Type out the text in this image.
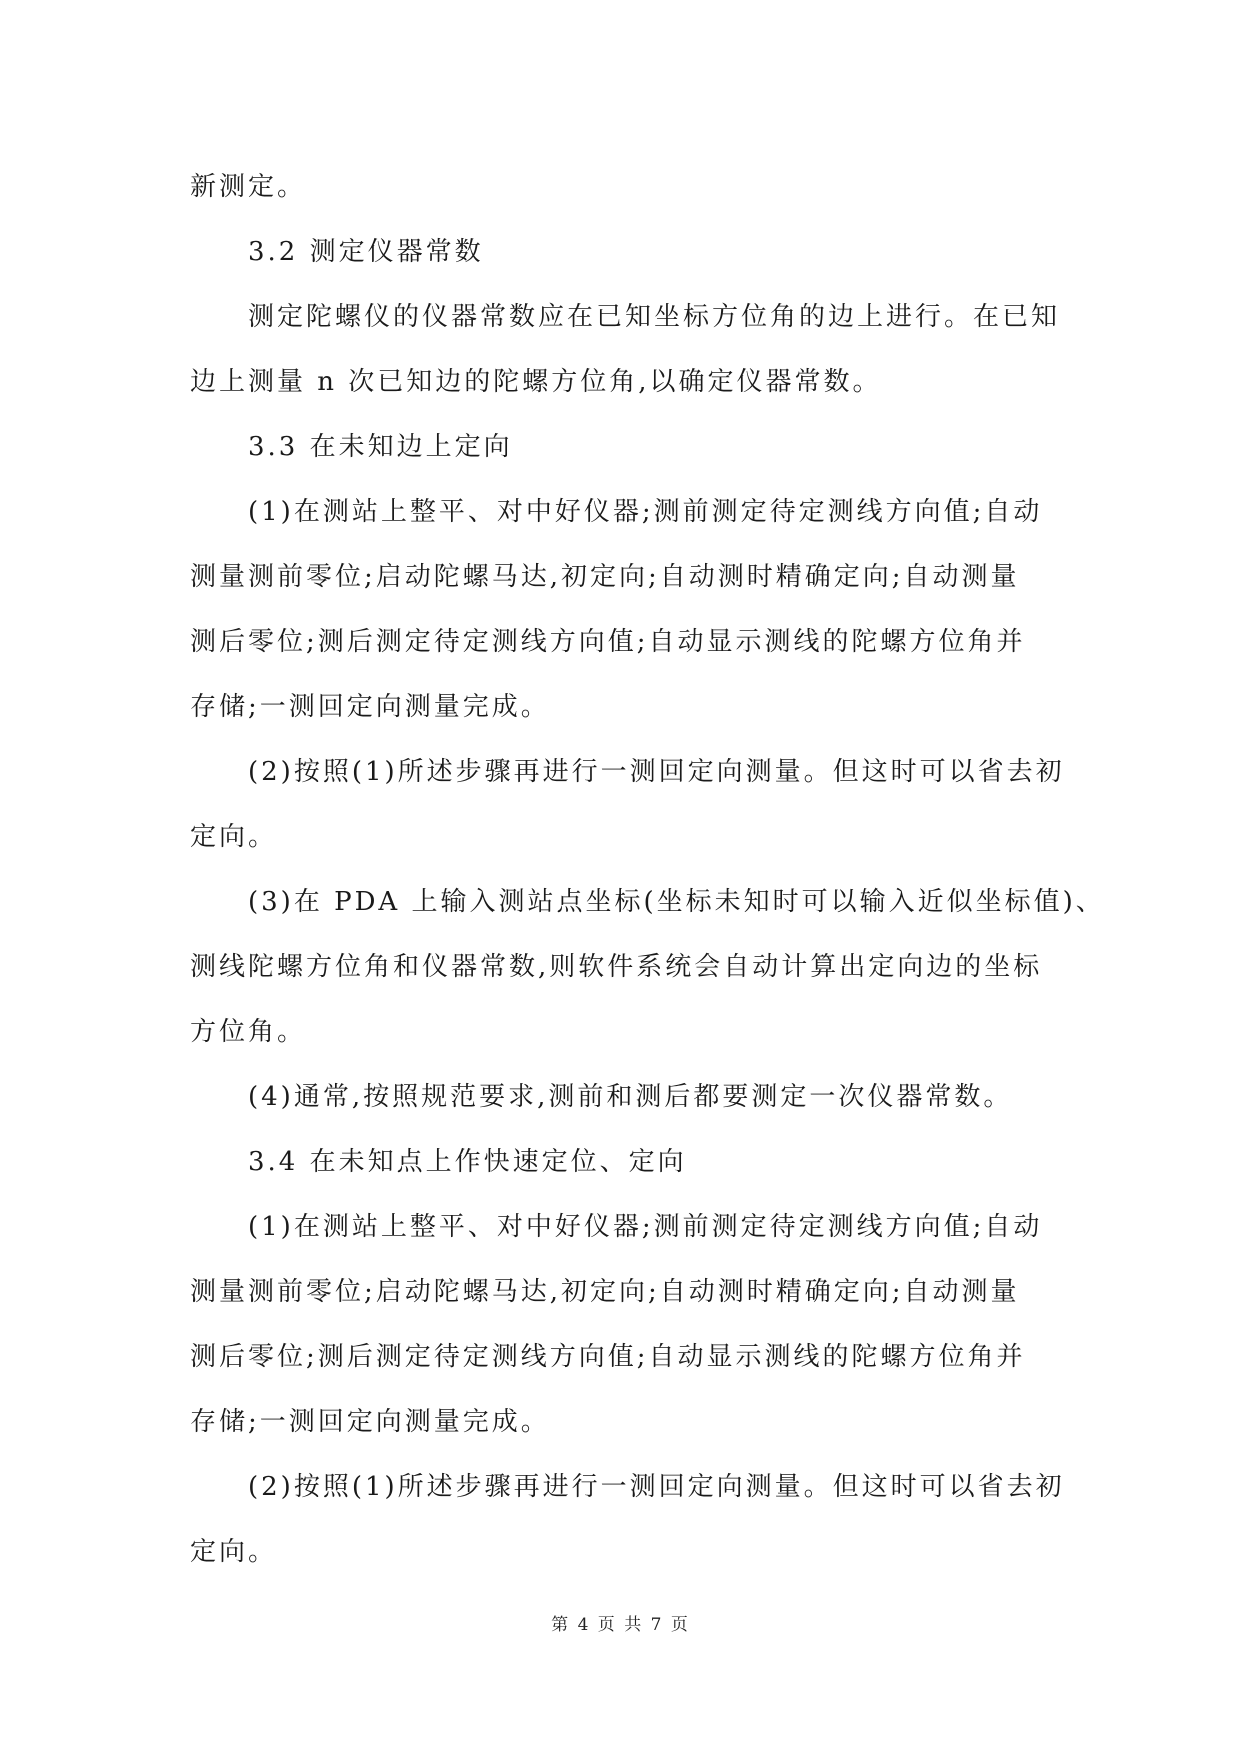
新测定。
3.2 测定仪器常数
测定陀螺仪的仪器常数应在已知坐标方位角的边上进行。在已知
边上测量 n 次已知边的陀螺方位角,以确定仪器常数。
3.3 在未知边上定向
(1)在测站上整平、对中好仪器;测前测定待定测线方向值;自动
测量测前零位;启动陀螺马达,初定向;自动测时精确定向;自动测量
测后零位;测后测定待定测线方向值;自动显示测线的陀螺方位角并
存储;一测回定向测量完成。
(2)按照(1)所述步骤再进行一测回定向测量。但这时可以省去初
定向。
(3)在 PDA 上输入测站点坐标(坐标未知时可以输入近似坐标值)、
测线陀螺方位角和仪器常数,则软件系统会自动计算出定向边的坐标
方位角。
(4)通常,按照规范要求,测前和测后都要测定一次仪器常数。
3.4 在未知点上作快速定位、定向
(1)在测站上整平、对中好仪器;测前测定待定测线方向值;自动
测量测前零位;启动陀螺马达,初定向;自动测时精确定向;自动测量
测后零位;测后测定待定测线方向值;自动显示测线的陀螺方位角并
存储;一测回定向测量完成。
(2)按照(1)所述步骤再进行一测回定向测量。但这时可以省去初
定向。
第 4 页 共 7 页
